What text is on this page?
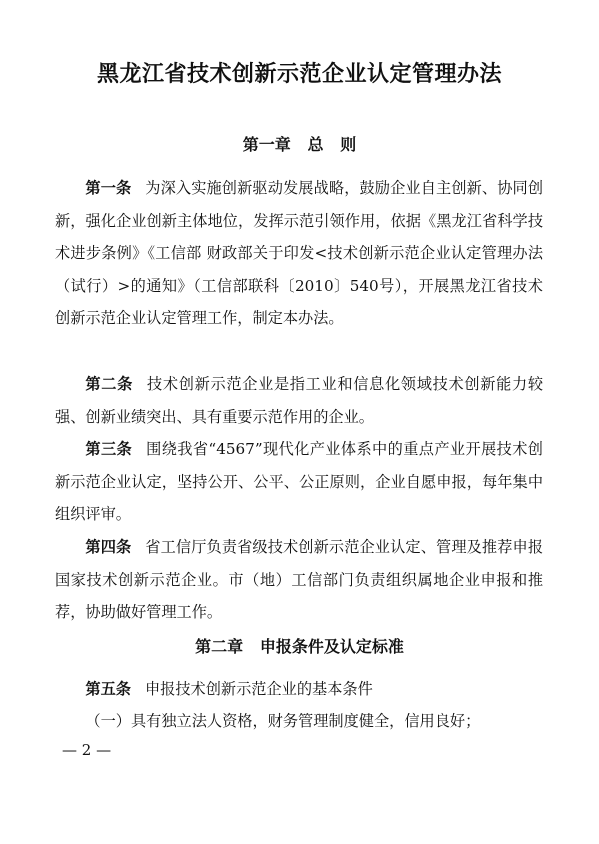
黑龙江省技术创新示范企业认定管理办法
第一章   总   则
第一条 为深入实施创新驱动发展战略，鼓励企业自主创新、协同创新，强化企业创新主体地位，发挥示范引领作用，依据《黑龙江省科学技术进步条例》《工信部 财政部关于印发<技术创新示范企业认定管理办法（试行）>的通知》（工信部联科〔2010〕540号），开展黑龙江省技术创新示范企业认定管理工作，制定本办法。
第二条 技术创新示范企业是指工业和信息化领域技术创新能力较强、创新业绩突出、具有重要示范作用的企业。
第三条 围绕我省“4567”现代化产业体系中的重点产业开展技术创新示范企业认定，坚持公开、公平、公正原则，企业自愿申报，每年集中组织评审。
第四条 省工信厅负责省级技术创新示范企业认定、管理及推荐申报国家技术创新示范企业。市（地）工信部门负责组织属地企业申报和推荐，协助做好管理工作。
第二章   申报条件及认定标准
第五条 申报技术创新示范企业的基本条件
（一）具有独立法人资格，财务管理制度健全，信用良好；
— 2 —
